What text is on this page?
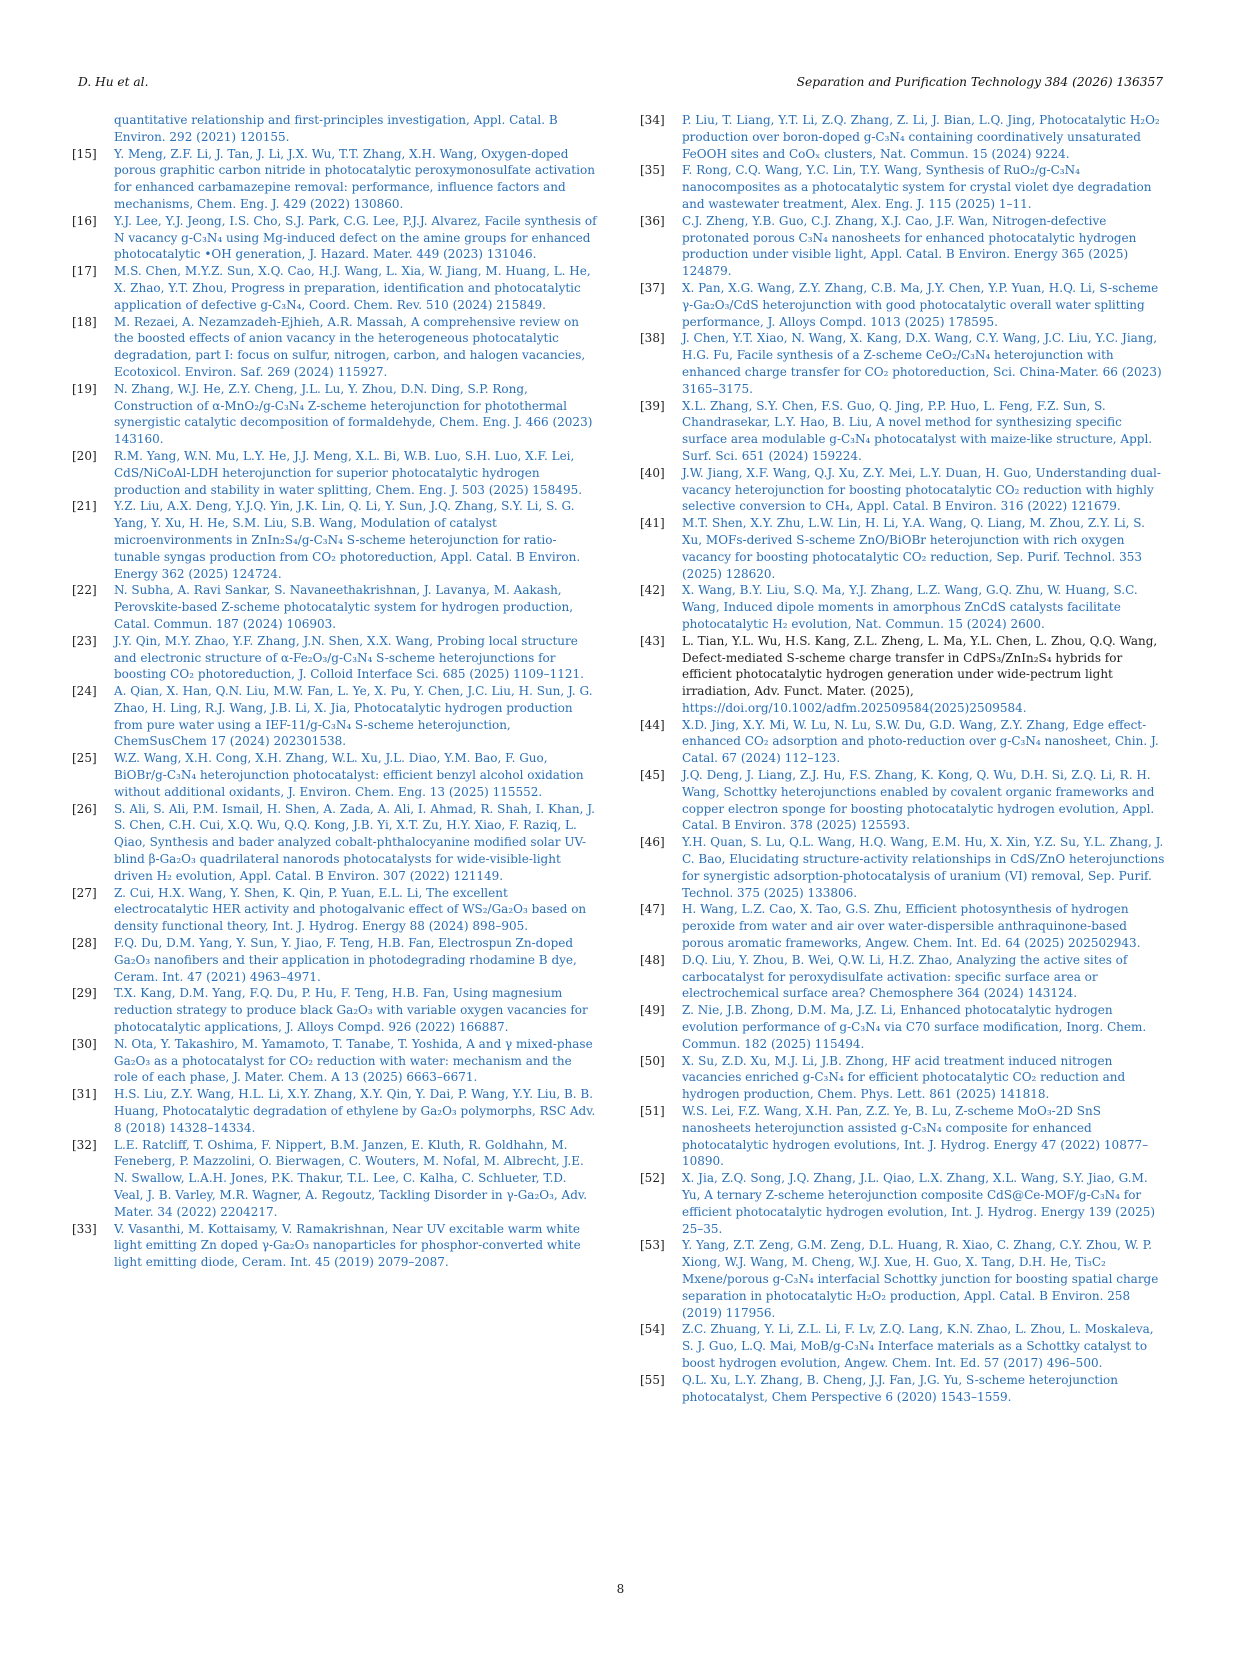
D. Hu et al.	Separation and Purification Technology 384 (2026) 136357
quantitative relationship and first-principles investigation, Appl. Catal. B Environ. 292 (2021) 120155.
[15] Y. Meng, Z.F. Li, J. Tan, J. Li, J.X. Wu, T.T. Zhang, X.H. Wang, Oxygen-doped porous graphitic carbon nitride in photocatalytic peroxymonosulfate activation for enhanced carbamazepine removal: performance, influence factors and mechanisms, Chem. Eng. J. 429 (2022) 130860.
[16] Y.J. Lee, Y.J. Jeong, I.S. Cho, S.J. Park, C.G. Lee, P.J.J. Alvarez, Facile synthesis of N vacancy g-C₃N₄ using Mg-induced defect on the amine groups for enhanced photocatalytic •OH generation, J. Hazard. Mater. 449 (2023) 131046.
[17] M.S. Chen, M.Y.Z. Sun, X.Q. Cao, H.J. Wang, L. Xia, W. Jiang, M. Huang, L. He, X. Zhao, Y.T. Zhou, Progress in preparation, identification and photocatalytic application of defective g-C₃N₄, Coord. Chem. Rev. 510 (2024) 215849.
[18] M. Rezaei, A. Nezamzadeh-Ejhieh, A.R. Massah, A comprehensive review on the boosted effects of anion vacancy in the heterogeneous photocatalytic degradation, part I: focus on sulfur, nitrogen, carbon, and halogen vacancies, Ecotoxicol. Environ. Saf. 269 (2024) 115927.
[19] N. Zhang, W.J. He, Z.Y. Cheng, J.L. Lu, Y. Zhou, D.N. Ding, S.P. Rong, Construction of α-MnO₂/g-C₃N₄ Z-scheme heterojunction for photothermal synergistic catalytic decomposition of formaldehyde, Chem. Eng. J. 466 (2023) 143160.
[20] R.M. Yang, W.N. Mu, L.Y. He, J.J. Meng, X.L. Bi, W.B. Luo, S.H. Luo, X.F. Lei, CdS/NiCoAl-LDH heterojunction for superior photocatalytic hydrogen production and stability in water splitting, Chem. Eng. J. 503 (2025) 158495.
[21] Y.Z. Liu, A.X. Deng, Y.J.Q. Yin, J.K. Lin, Q. Li, Y. Sun, J.Q. Zhang, S.Y. Li, S. G. Yang, Y. Xu, H. He, S.M. Liu, S.B. Wang, Modulation of catalyst microenvironments in ZnIn₂S₄/g-C₃N₄ S-scheme heterojunction for ratio-tunable syngas production from CO₂ photoreduction, Appl. Catal. B Environ. Energy 362 (2025) 124724.
[22] N. Subha, A. Ravi Sankar, S. Navaneethakrishnan, J. Lavanya, M. Aakash, Perovskite-based Z-scheme photocatalytic system for hydrogen production, Catal. Commun. 187 (2024) 106903.
[23] J.Y. Qin, M.Y. Zhao, Y.F. Zhang, J.N. Shen, X.X. Wang, Probing local structure and electronic structure of α-Fe₂O₃/g-C₃N₄ S-scheme heterojunctions for boosting CO₂ photoreduction, J. Colloid Interface Sci. 685 (2025) 1109–1121.
[24] A. Qian, X. Han, Q.N. Liu, M.W. Fan, L. Ye, X. Pu, Y. Chen, J.C. Liu, H. Sun, J. G. Zhao, H. Ling, R.J. Wang, J.B. Li, X. Jia, Photocatalytic hydrogen production from pure water using a IEF-11/g-C₃N₄ S-scheme heterojunction, ChemSusChem 17 (2024) 202301538.
[25] W.Z. Wang, X.H. Cong, X.H. Zhang, W.L. Xu, J.L. Diao, Y.M. Bao, F. Guo, BiOBr/g-C₃N₄ heterojunction photocatalyst: efficient benzyl alcohol oxidation without additional oxidants, J. Environ. Chem. Eng. 13 (2025) 115552.
[26] S. Ali, S. Ali, P.M. Ismail, H. Shen, A. Zada, A. Ali, I. Ahmad, R. Shah, I. Khan, J. S. Chen, C.H. Cui, X.Q. Wu, Q.Q. Kong, J.B. Yi, X.T. Zu, H.Y. Xiao, F. Raziq, L. Qiao, Synthesis and bader analyzed cobalt-phthalocyanine modified solar UV-blind β-Ga₂O₃ quadrilateral nanorods photocatalysts for wide-visible-light driven H₂ evolution, Appl. Catal. B Environ. 307 (2022) 121149.
[27] Z. Cui, H.X. Wang, Y. Shen, K. Qin, P. Yuan, E.L. Li, The excellent electrocatalytic HER activity and photogalvanic effect of WS₂/Ga₂O₃ based on density functional theory, Int. J. Hydrog. Energy 88 (2024) 898–905.
[28] F.Q. Du, D.M. Yang, Y. Sun, Y. Jiao, F. Teng, H.B. Fan, Electrospun Zn-doped Ga₂O₃ nanofibers and their application in photodegrading rhodamine B dye, Ceram. Int. 47 (2021) 4963–4971.
[29] T.X. Kang, D.M. Yang, F.Q. Du, P. Hu, F. Teng, H.B. Fan, Using magnesium reduction strategy to produce black Ga₂O₃ with variable oxygen vacancies for photocatalytic applications, J. Alloys Compd. 926 (2022) 166887.
[30] N. Ota, Y. Takashiro, M. Yamamoto, T. Tanabe, T. Yoshida, A and γ mixed-phase Ga₂O₃ as a photocatalyst for CO₂ reduction with water: mechanism and the role of each phase, J. Mater. Chem. A 13 (2025) 6663–6671.
[31] H.S. Liu, Z.Y. Wang, H.L. Li, X.Y. Zhang, X.Y. Qin, Y. Dai, P. Wang, Y.Y. Liu, B. B. Huang, Photocatalytic degradation of ethylene by Ga₂O₃ polymorphs, RSC Adv. 8 (2018) 14328–14334.
[32] L.E. Ratcliff, T. Oshima, F. Nippert, B.M. Janzen, E. Kluth, R. Goldhahn, M. Feneberg, P. Mazzolini, O. Bierwagen, C. Wouters, M. Nofal, M. Albrecht, J.E. N. Swallow, L.A.H. Jones, P.K. Thakur, T.L. Lee, C. Kalha, C. Schlueter, T.D. Veal, J. B. Varley, M.R. Wagner, A. Regoutz, Tackling Disorder in γ-Ga₂O₃, Adv. Mater. 34 (2022) 2204217.
[33] V. Vasanthi, M. Kottaisamy, V. Ramakrishnan, Near UV excitable warm white light emitting Zn doped γ-Ga₂O₃ nanoparticles for phosphor-converted white light emitting diode, Ceram. Int. 45 (2019) 2079–2087.
[34] P. Liu, T. Liang, Y.T. Li, Z.Q. Zhang, Z. Li, J. Bian, L.Q. Jing, Photocatalytic H₂O₂ production over boron-doped g-C₃N₄ containing coordinatively unsaturated FeOOH sites and CoOₓ clusters, Nat. Commun. 15 (2024) 9224.
[35] F. Rong, C.Q. Wang, Y.C. Lin, T.Y. Wang, Synthesis of RuO₂/g-C₃N₄ nanocomposites as a photocatalytic system for crystal violet dye degradation and wastewater treatment, Alex. Eng. J. 115 (2025) 1–11.
[36] C.J. Zheng, Y.B. Guo, C.J. Zhang, X.J. Cao, J.F. Wan, Nitrogen-defective protonated porous C₃N₄ nanosheets for enhanced photocatalytic hydrogen production under visible light, Appl. Catal. B Environ. Energy 365 (2025) 124879.
[37] X. Pan, X.G. Wang, Z.Y. Zhang, C.B. Ma, J.Y. Chen, Y.P. Yuan, H.Q. Li, S-scheme γ-Ga₂O₃/CdS heterojunction with good photocatalytic overall water splitting performance, J. Alloys Compd. 1013 (2025) 178595.
[38] J. Chen, Y.T. Xiao, N. Wang, X. Kang, D.X. Wang, C.Y. Wang, J.C. Liu, Y.C. Jiang, H.G. Fu, Facile synthesis of a Z-scheme CeO₂/C₃N₄ heterojunction with enhanced charge transfer for CO₂ photoreduction, Sci. China-Mater. 66 (2023) 3165–3175.
[39] X.L. Zhang, S.Y. Chen, F.S. Guo, Q. Jing, P.P. Huo, L. Feng, F.Z. Sun, S. Chandrasekar, L.Y. Hao, B. Liu, A novel method for synthesizing specific surface area modulable g-C₃N₄ photocatalyst with maize-like structure, Appl. Surf. Sci. 651 (2024) 159224.
[40] J.W. Jiang, X.F. Wang, Q.J. Xu, Z.Y. Mei, L.Y. Duan, H. Guo, Understanding dual-vacancy heterojunction for boosting photocatalytic CO₂ reduction with highly selective conversion to CH₄, Appl. Catal. B Environ. 316 (2022) 121679.
[41] M.T. Shen, X.Y. Zhu, L.W. Lin, H. Li, Y.A. Wang, Q. Liang, M. Zhou, Z.Y. Li, S. Xu, MOFs-derived S-scheme ZnO/BiOBr heterojunction with rich oxygen vacancy for boosting photocatalytic CO₂ reduction, Sep. Purif. Technol. 353 (2025) 128620.
[42] X. Wang, B.Y. Liu, S.Q. Ma, Y.J. Zhang, L.Z. Wang, G.Q. Zhu, W. Huang, S.C. Wang, Induced dipole moments in amorphous ZnCdS catalysts facilitate photocatalytic H₂ evolution, Nat. Commun. 15 (2024) 2600.
[43] L. Tian, Y.L. Wu, H.S. Kang, Z.L. Zheng, L. Ma, Y.L. Chen, L. Zhou, Q.Q. Wang, Defect-mediated S-scheme charge transfer in CdPS₃/ZnIn₂S₄ hybrids for efficient photocatalytic hydrogen generation under wide-pectrum light irradiation, Adv. Funct. Mater. (2025), https://doi.org/10.1002/adfm.202509584(2025)2509584.
[44] X.D. Jing, X.Y. Mi, W. Lu, N. Lu, S.W. Du, G.D. Wang, Z.Y. Zhang, Edge effect-enhanced CO₂ adsorption and photo-reduction over g-C₃N₄ nanosheet, Chin. J. Catal. 67 (2024) 112–123.
[45] J.Q. Deng, J. Liang, Z.J. Hu, F.S. Zhang, K. Kong, Q. Wu, D.H. Si, Z.Q. Li, R. H. Wang, Schottky heterojunctions enabled by covalent organic frameworks and copper electron sponge for boosting photocatalytic hydrogen evolution, Appl. Catal. B Environ. 378 (2025) 125593.
[46] Y.H. Quan, S. Lu, Q.L. Wang, H.Q. Wang, E.M. Hu, X. Xin, Y.Z. Su, Y.L. Zhang, J. C. Bao, Elucidating structure-activity relationships in CdS/ZnO heterojunctions for synergistic adsorption-photocatalysis of uranium (VI) removal, Sep. Purif. Technol. 375 (2025) 133806.
[47] H. Wang, L.Z. Cao, X. Tao, G.S. Zhu, Efficient photosynthesis of hydrogen peroxide from water and air over water-dispersible anthraquinone-based porous aromatic frameworks, Angew. Chem. Int. Ed. 64 (2025) 202502943.
[48] D.Q. Liu, Y. Zhou, B. Wei, Q.W. Li, H.Z. Zhao, Analyzing the active sites of carbocatalyst for peroxydisulfate activation: specific surface area or electrochemical surface area? Chemosphere 364 (2024) 143124.
[49] Z. Nie, J.B. Zhong, D.M. Ma, J.Z. Li, Enhanced photocatalytic hydrogen evolution performance of g-C₃N₄ via C70 surface modification, Inorg. Chem. Commun. 182 (2025) 115494.
[50] X. Su, Z.D. Xu, M.J. Li, J.B. Zhong, HF acid treatment induced nitrogen vacancies enriched g-C₃N₄ for efficient photocatalytic CO₂ reduction and hydrogen production, Chem. Phys. Lett. 861 (2025) 141818.
[51] W.S. Lei, F.Z. Wang, X.H. Pan, Z.Z. Ye, B. Lu, Z-scheme MoO₃-2D SnS nanosheets heterojunction assisted g-C₃N₄ composite for enhanced photocatalytic hydrogen evolutions, Int. J. Hydrog. Energy 47 (2022) 10877–10890.
[52] X. Jia, Z.Q. Song, J.Q. Zhang, J.L. Qiao, L.X. Zhang, X.L. Wang, S.Y. Jiao, G.M. Yu, A ternary Z-scheme heterojunction composite CdS@Ce-MOF/g-C₃N₄ for efficient photocatalytic hydrogen evolution, Int. J. Hydrog. Energy 139 (2025) 25–35.
[53] Y. Yang, Z.T. Zeng, G.M. Zeng, D.L. Huang, R. Xiao, C. Zhang, C.Y. Zhou, W. P. Xiong, W.J. Wang, M. Cheng, W.J. Xue, H. Guo, X. Tang, D.H. He, Ti₃C₂ Mxene/porous g-C₃N₄ interfacial Schottky junction for boosting spatial charge separation in photocatalytic H₂O₂ production, Appl. Catal. B Environ. 258 (2019) 117956.
[54] Z.C. Zhuang, Y. Li, Z.L. Li, F. Lv, Z.Q. Lang, K.N. Zhao, L. Zhou, L. Moskaleva, S. J. Guo, L.Q. Mai, MoB/g-C₃N₄ Interface materials as a Schottky catalyst to boost hydrogen evolution, Angew. Chem. Int. Ed. 57 (2017) 496–500.
[55] Q.L. Xu, L.Y. Zhang, B. Cheng, J.J. Fan, J.G. Yu, S-scheme heterojunction photocatalyst, Chem Perspective 6 (2020) 1543–1559.
8
